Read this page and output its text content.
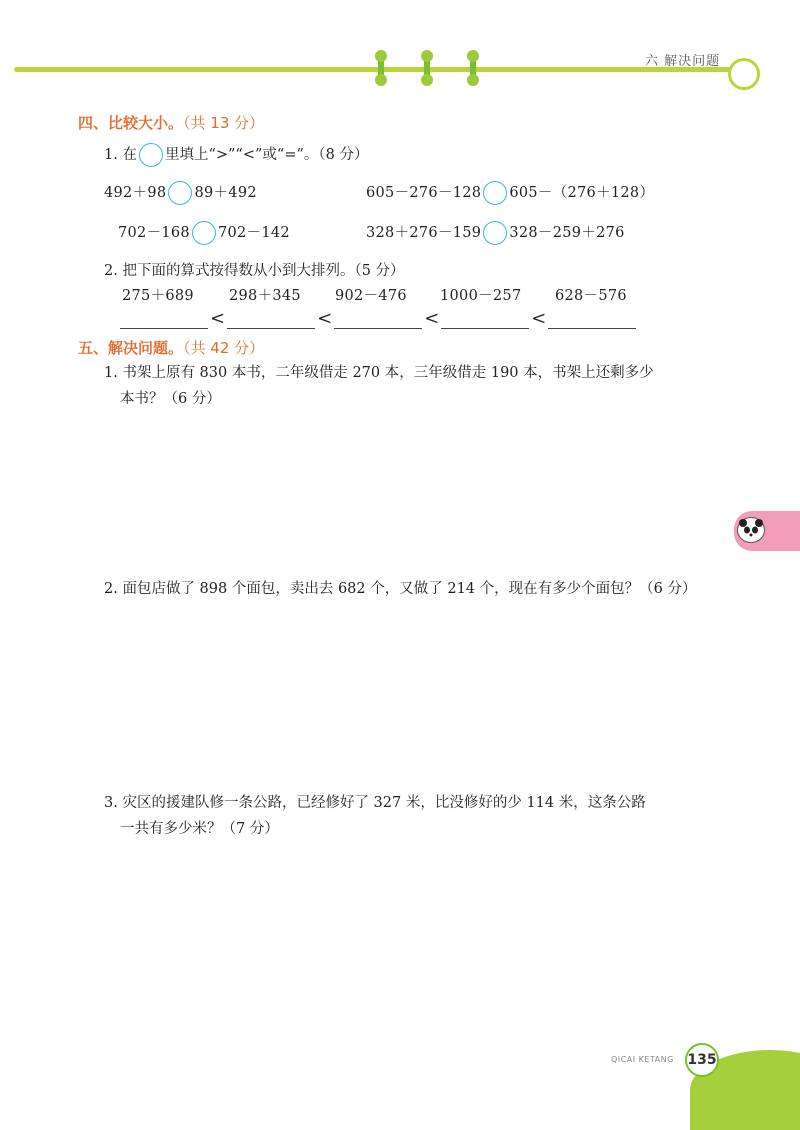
六 解决问题
四、比较大小。（共 13 分）
1. 在 里填上“>”“<”或“=”。（8 分）
492＋98 89＋492	605－276－128 605－（276＋128）
702－168 702－142	328＋276－159 328－259＋276
2. 把下面的算式按得数从小到大排列。（5 分）
275＋689 298＋345 902－476 1000－257 628－576
<	<	<	<
五、解决问题。（共 42 分）
1. 书架上原有 830 本书，二年级借走 270 本，三年级借走 190 本，书架上还剩多少
本书？（6 分）
2. 面包店做了 898 个面包，卖出去 682 个，又做了 214 个，现在有多少个面包？（6 分）
3. 灾区的援建队修一条公路，已经修好了 327 米，比没修好的少 114 米，这条公路
一共有多少米？（7 分）
QICAI KETANG 135
